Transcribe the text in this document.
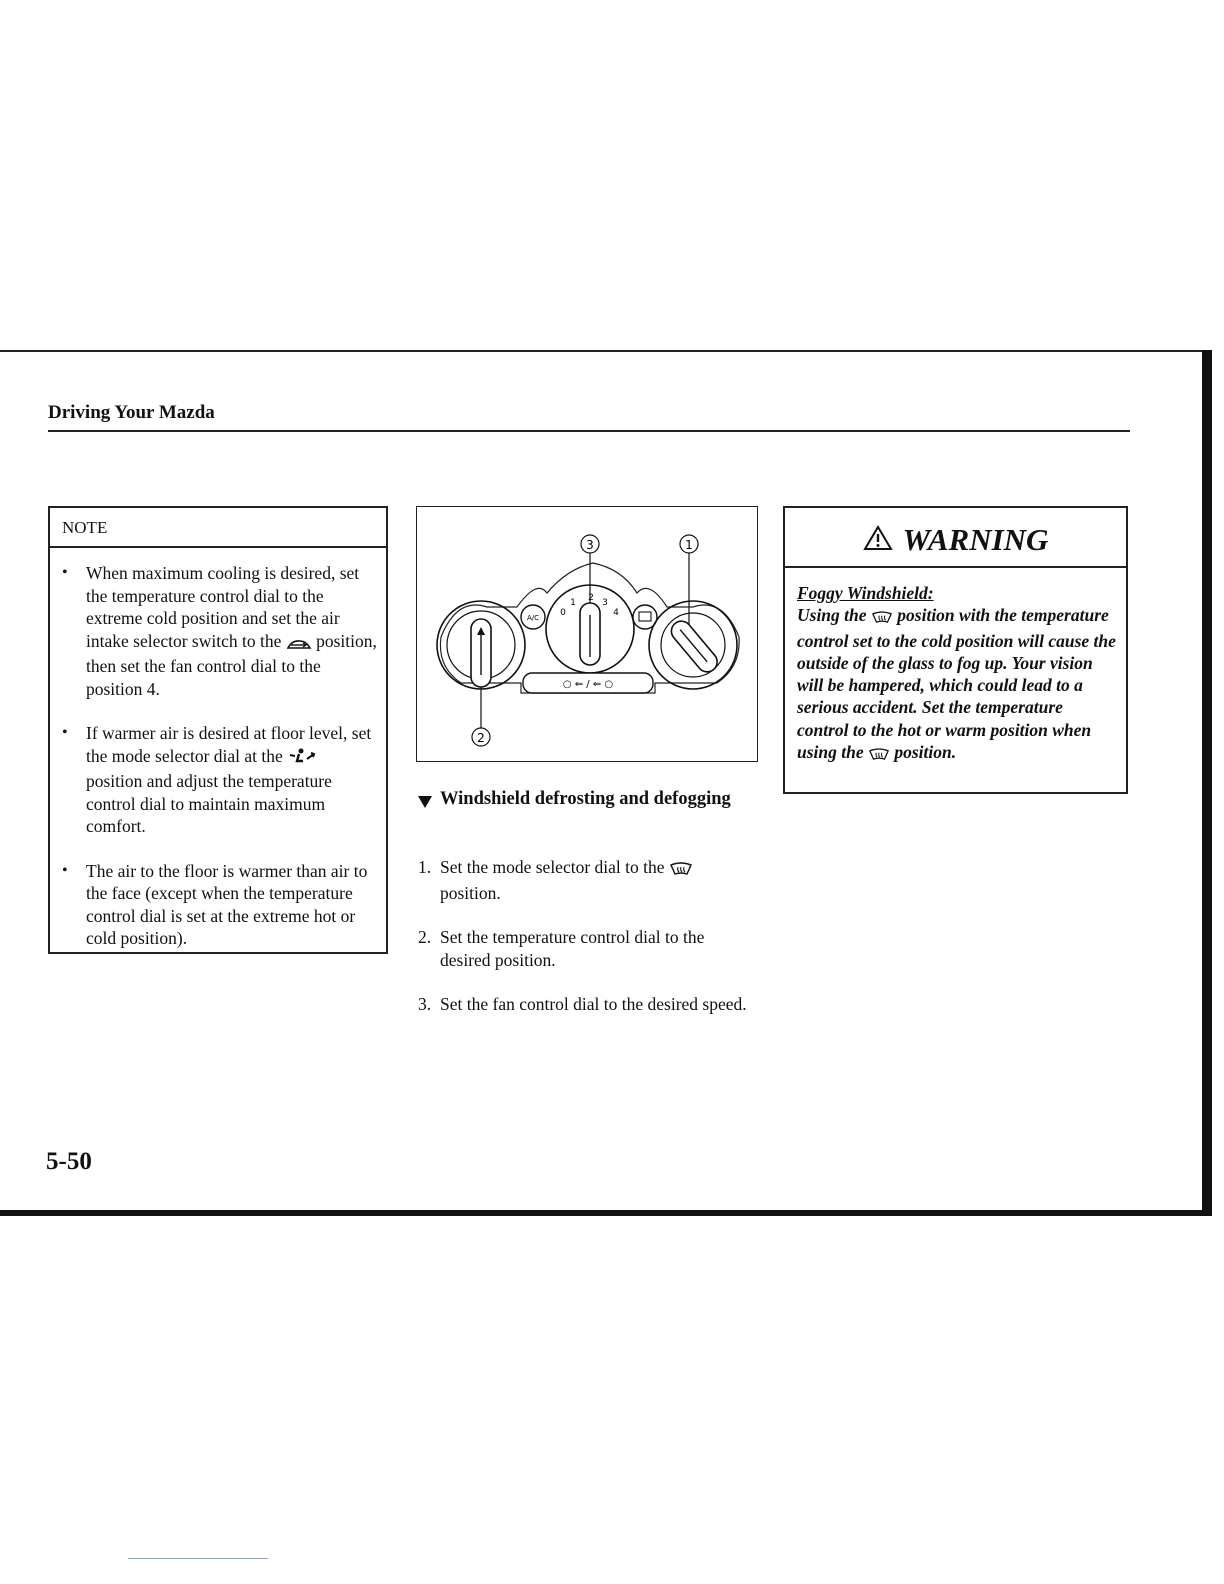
Driving Your Mazda
NOTE
• When maximum cooling is desired, set the temperature control dial to the extreme cold position and set the air intake selector switch to the position, then set the fan control dial to the position 4.
• If warmer air is desired at floor level, set the mode selector dial at the  position and adjust the temperature control dial to maintain maximum comfort.
• The air to the floor is warmer than air to the face (except when the temperature control dial is set at the extreme hot or cold position).
3	1
2
0
1 2 3
4
A/C
○ ⇐ / ⇐ ○
Windshield defrosting and defogging
1. Set the mode selector dial to the  position.
2. Set the temperature control dial to the desired position.
3. Set the fan control dial to the desired speed.
WARNING
Foggy Windshield:
Using the position with the temperature control set to the cold position will cause the outside of the glass to fog up. Your vision will be hampered, which could lead to a serious accident. Set the temperature control to the hot or warm position when using the position.
5-50
